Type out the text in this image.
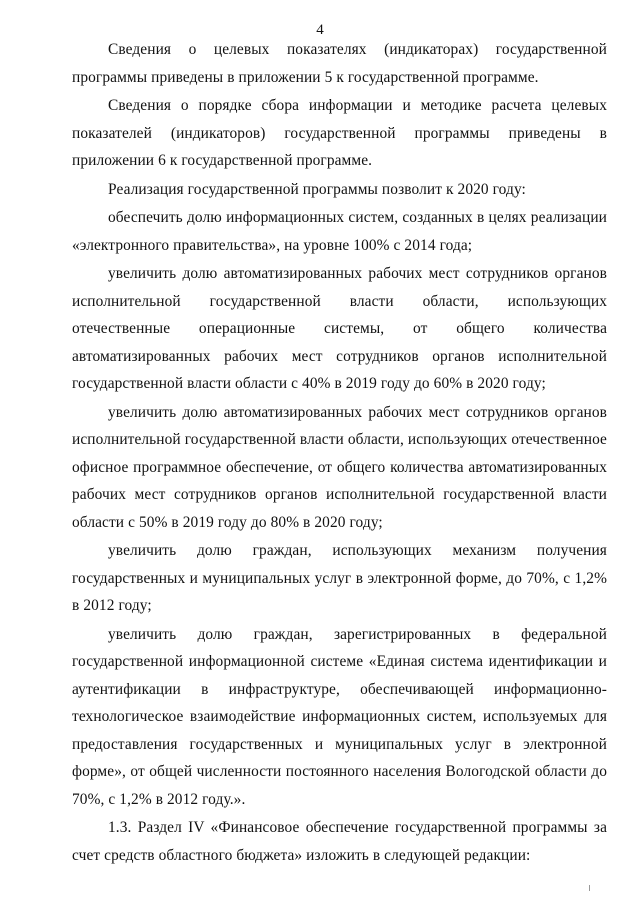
4

Сведения о целевых показателях (индикаторах) государственной программы приведены в приложении 5 к государственной программе.

Сведения о порядке сбора информации и методике расчета целевых показателей (индикаторов) государственной программы приведены в приложении 6 к государственной программе.

Реализация государственной программы позволит к 2020 году:

обеспечить долю информационных систем, созданных в целях реализации «электронного правительства», на уровне 100% с 2014 года;

увеличить долю автоматизированных рабочих мест сотрудников органов исполнительной государственной власти области, использующих отечественные операционные системы, от общего количества автоматизированных рабочих мест сотрудников органов исполнительной государственной власти области с 40% в 2019 году до 60% в 2020 году;

увеличить долю автоматизированных рабочих мест сотрудников органов исполнительной государственной власти области, использующих отечественное офисное программное обеспечение, от общего количества автоматизированных рабочих мест сотрудников органов исполнительной государственной власти области с 50% в 2019 году до 80% в 2020 году;

увеличить долю граждан, использующих механизм получения государственных и муниципальных услуг в электронной форме, до 70%, с 1,2% в 2012 году;

увеличить долю граждан, зарегистрированных в федеральной государственной информационной системе «Единая система идентификации и аутентификации в инфраструктуре, обеспечивающей информационно-технологическое взаимодействие информационных систем, используемых для предоставления государственных и муниципальных услуг в электронной форме», от общей численности постоянного населения Вологодской области до 70%, с 1,2% в 2012 году.».

1.3. Раздел IV «Финансовое обеспечение государственной программы за счет средств областного бюджета» изложить в следующей редакции:
